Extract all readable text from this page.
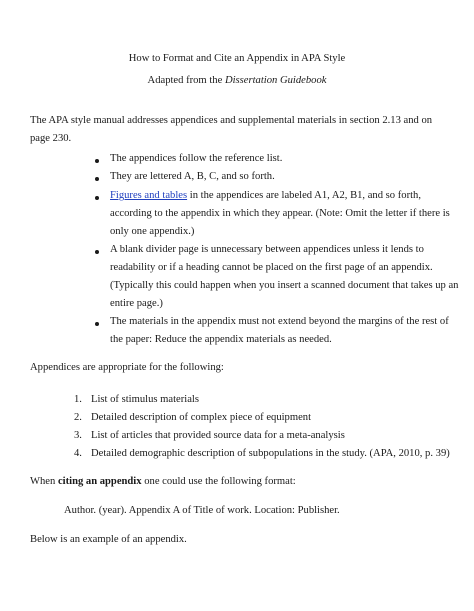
How to Format and Cite an Appendix in APA Style
Adapted from the Dissertation Guidebook
The APA style manual addresses appendices and supplemental materials in section 2.13 and on
page 230.
The appendices follow the reference list.
They are lettered A, B, C, and so forth.
Figures and tables in the appendices are labeled A1, A2, B1, and so forth,
according to the appendix in which they appear. (Note: Omit the letter if there is
only one appendix.)
A blank divider page is unnecessary between appendices unless it lends to
readability or if a heading cannot be placed on the first page of an appendix.
(Typically this could happen when you insert a scanned document that takes up an
entire page.)
The materials in the appendix must not extend beyond the margins of the rest of
the paper: Reduce the appendix materials as needed.
Appendices are appropriate for the following:
1. List of stimulus materials
2. Detailed description of complex piece of equipment
3. List of articles that provided source data for a meta-analysis
4. Detailed demographic description of subpopulations in the study. (APA, 2010, p. 39)
When citing an appendix one could use the following format:
Author. (year). Appendix A of Title of work. Location: Publisher.
Below is an example of an appendix.
